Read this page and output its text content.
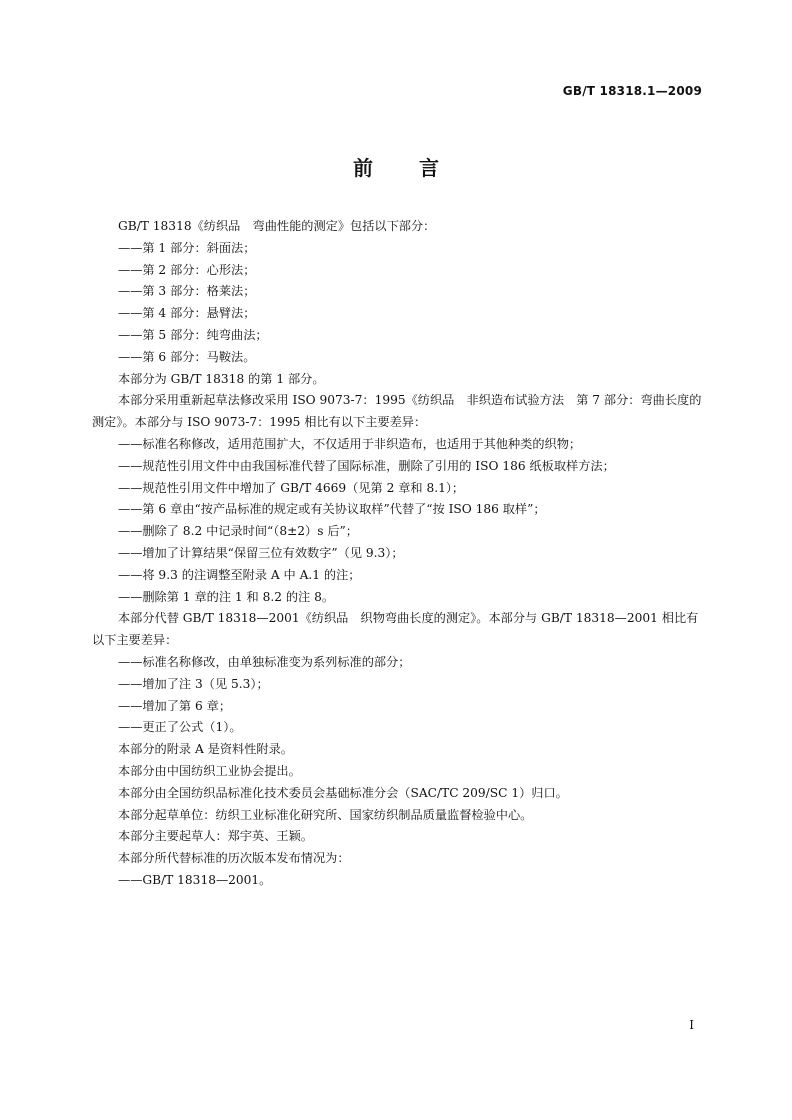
GB/T 18318.1—2009
前言

GB/T 18318《纺织品　弯曲性能的测定》包括以下部分：

——第 1 部分：斜面法；

——第 2 部分：心形法；

——第 3 部分：格莱法；

——第 4 部分：悬臂法；

——第 5 部分：纯弯曲法；

——第 6 部分：马鞍法。

本部分为 GB/T 18318 的第 1 部分。

本部分采用重新起草法修改采用 ISO 9073-7：1995《纺织品　非织造布试验方法　第 7 部分：弯曲长度的测定》。本部分与 ISO 9073-7：1995 相比有以下主要差异：

——标准名称修改，适用范围扩大，不仅适用于非织造布，也适用于其他种类的织物；

——规范性引用文件中由我国标准代替了国际标准，删除了引用的 ISO 186 纸板取样方法；

——规范性引用文件中增加了 GB/T 4669（见第 2 章和 8.1）；

——第 6 章由“按产品标准的规定或有关协议取样”代替了“按 ISO 186 取样”；

——删除了 8.2 中记录时间“（8±2）s 后”；

——增加了计算结果“保留三位有效数字”（见 9.3）；

——将 9.3 的注调整至附录 A 中 A.1 的注；

——删除第 1 章的注 1 和 8.2 的注 8。

本部分代替 GB/T 18318—2001《纺织品　织物弯曲长度的测定》。本部分与 GB/T 18318—2001 相比有以下主要差异：

——标准名称修改，由单独标准变为系列标准的部分；

——增加了注 3（见 5.3）；

——增加了第 6 章；

——更正了公式（1）。

本部分的附录 A 是资料性附录。

本部分由中国纺织工业协会提出。

本部分由全国纺织品标准化技术委员会基础标准分会（SAC/TC 209/SC 1）归口。

本部分起草单位：纺织工业标准化研究所、国家纺织制品质量监督检验中心。

本部分主要起草人：郑宇英、王颖。

本部分所代替标准的历次版本发布情况为：

——GB/T 18318—2001。

I
